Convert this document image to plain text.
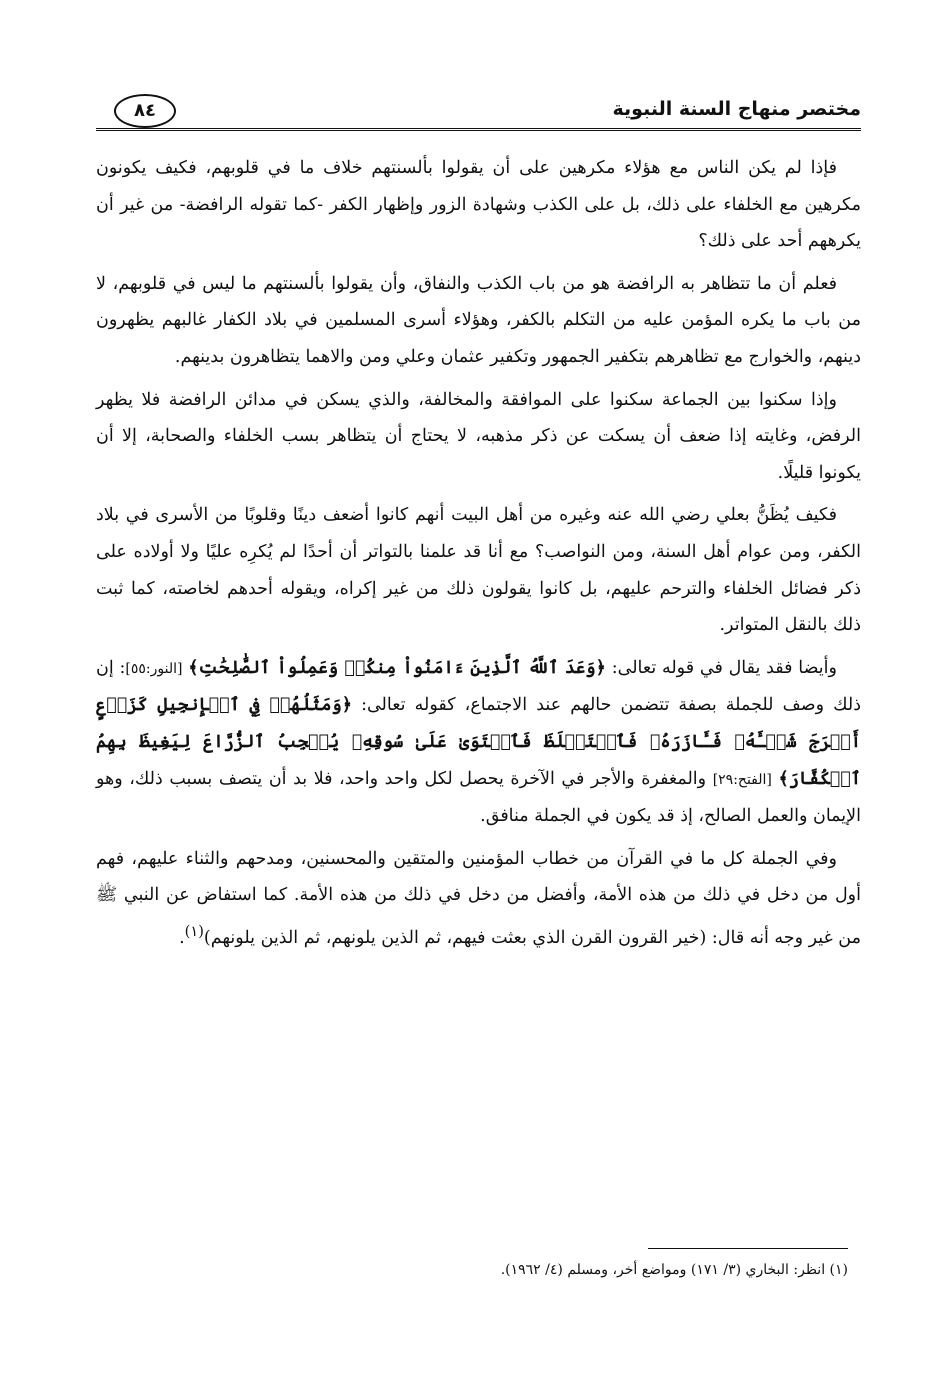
مختصر منهاج السنة النبوية
٨٤

فإذا لم يكن الناس مع هؤلاء مكرهين على أن يقولوا بألسنتهم خلاف ما في قلوبهم، فكيف يكونون مكرهين مع الخلفاء على ذلك، بل على الكذب وشهادة الزور وإظهار الكفر -كما تقوله الرافضة- من غير أن يكرههم أحد على ذلك؟

فعلم أن ما تتظاهر به الرافضة هو من باب الكذب والنفاق، وأن يقولوا بألسنتهم ما ليس في قلوبهم، لا من باب ما يكره المؤمن عليه من التكلم بالكفر، وهؤلاء أسرى المسلمين في بلاد الكفار غالبهم يظهرون دينهم، والخوارج مع تظاهرهم بتكفير الجمهور وتكفير عثمان وعلي ومن والاهما يتظاهرون بدينهم.

وإذا سكنوا بين الجماعة سكنوا على الموافقة والمخالفة، والذي يسكن في مدائن الرافضة فلا يظهر الرفض، وغايته إذا ضعف أن يسكت عن ذكر مذهبه، لا يحتاج أن يتظاهر بسب الخلفاء والصحابة، إلا أن يكونوا قليلًا.

فكيف يُظَنُّ بعلي رضي الله عنه وغيره من أهل البيت أنهم كانوا أضعف دينًا وقلوبًا من الأسرى في بلاد الكفر، ومن عوام أهل السنة، ومن النواصب؟ مع أنا قد علمنا بالتواتر أن أحدًا لم يُكرِه عليًا ولا أولاده على ذكر فضائل الخلفاء والترحم عليهم، بل كانوا يقولون ذلك من غير إكراه، ويقوله أحدهم لخاصته، كما ثبت ذلك بالنقل المتواتر.

وأيضا فقد يقال في قوله تعالى: ﴿وَعَدَ ٱللَّهُ ٱلَّذِينَ ءَامَنُواْ مِنكُمۡ وَعَمِلُواْ ٱلصَّٰلِحَٰتِ﴾ [النور:٥٥]: إن ذلك وصف للجملة بصفة تتضمن حالهم عند الاجتماع، كقوله تعالى: ﴿وَمَثَلُهُمۡ فِي ٱلۡإِنجِيلِ كَزَرۡعٍ أَخۡرَجَ شَطۡـَٔهُۥ فَـَٔازَرَهُۥ فَٱسۡتَغۡلَظَ فَٱسۡتَوَىٰ عَلَىٰ سُوقِهِۦ يُعۡجِبُ ٱلزُّرَّاعَ لِيَغِيظَ بِهِمُ ٱلۡكُفَّارَ﴾ [الفتح:٢٩] والمغفرة والأجر في الآخرة يحصل لكل واحد واحد، فلا بد أن يتصف بسبب ذلك، وهو الإيمان والعمل الصالح، إذ قد يكون في الجملة منافق.

وفي الجملة كل ما في القرآن من خطاب المؤمنين والمتقين والمحسنين، ومدحهم والثناء عليهم، فهم أول من دخل في ذلك من هذه الأمة، وأفضل من دخل في ذلك من هذه الأمة. كما استفاض عن النبي ﷺ من غير وجه أنه قال: (خير القرون القرن الذي بعثت فيهم، ثم الذين يلونهم، ثم الذين يلونهم)$^{(١)}$.

(١) انظر: البخاري (٣/ ١٧١) ومواضع أخر، ومسلم (٤/ ١٩٦٢).
